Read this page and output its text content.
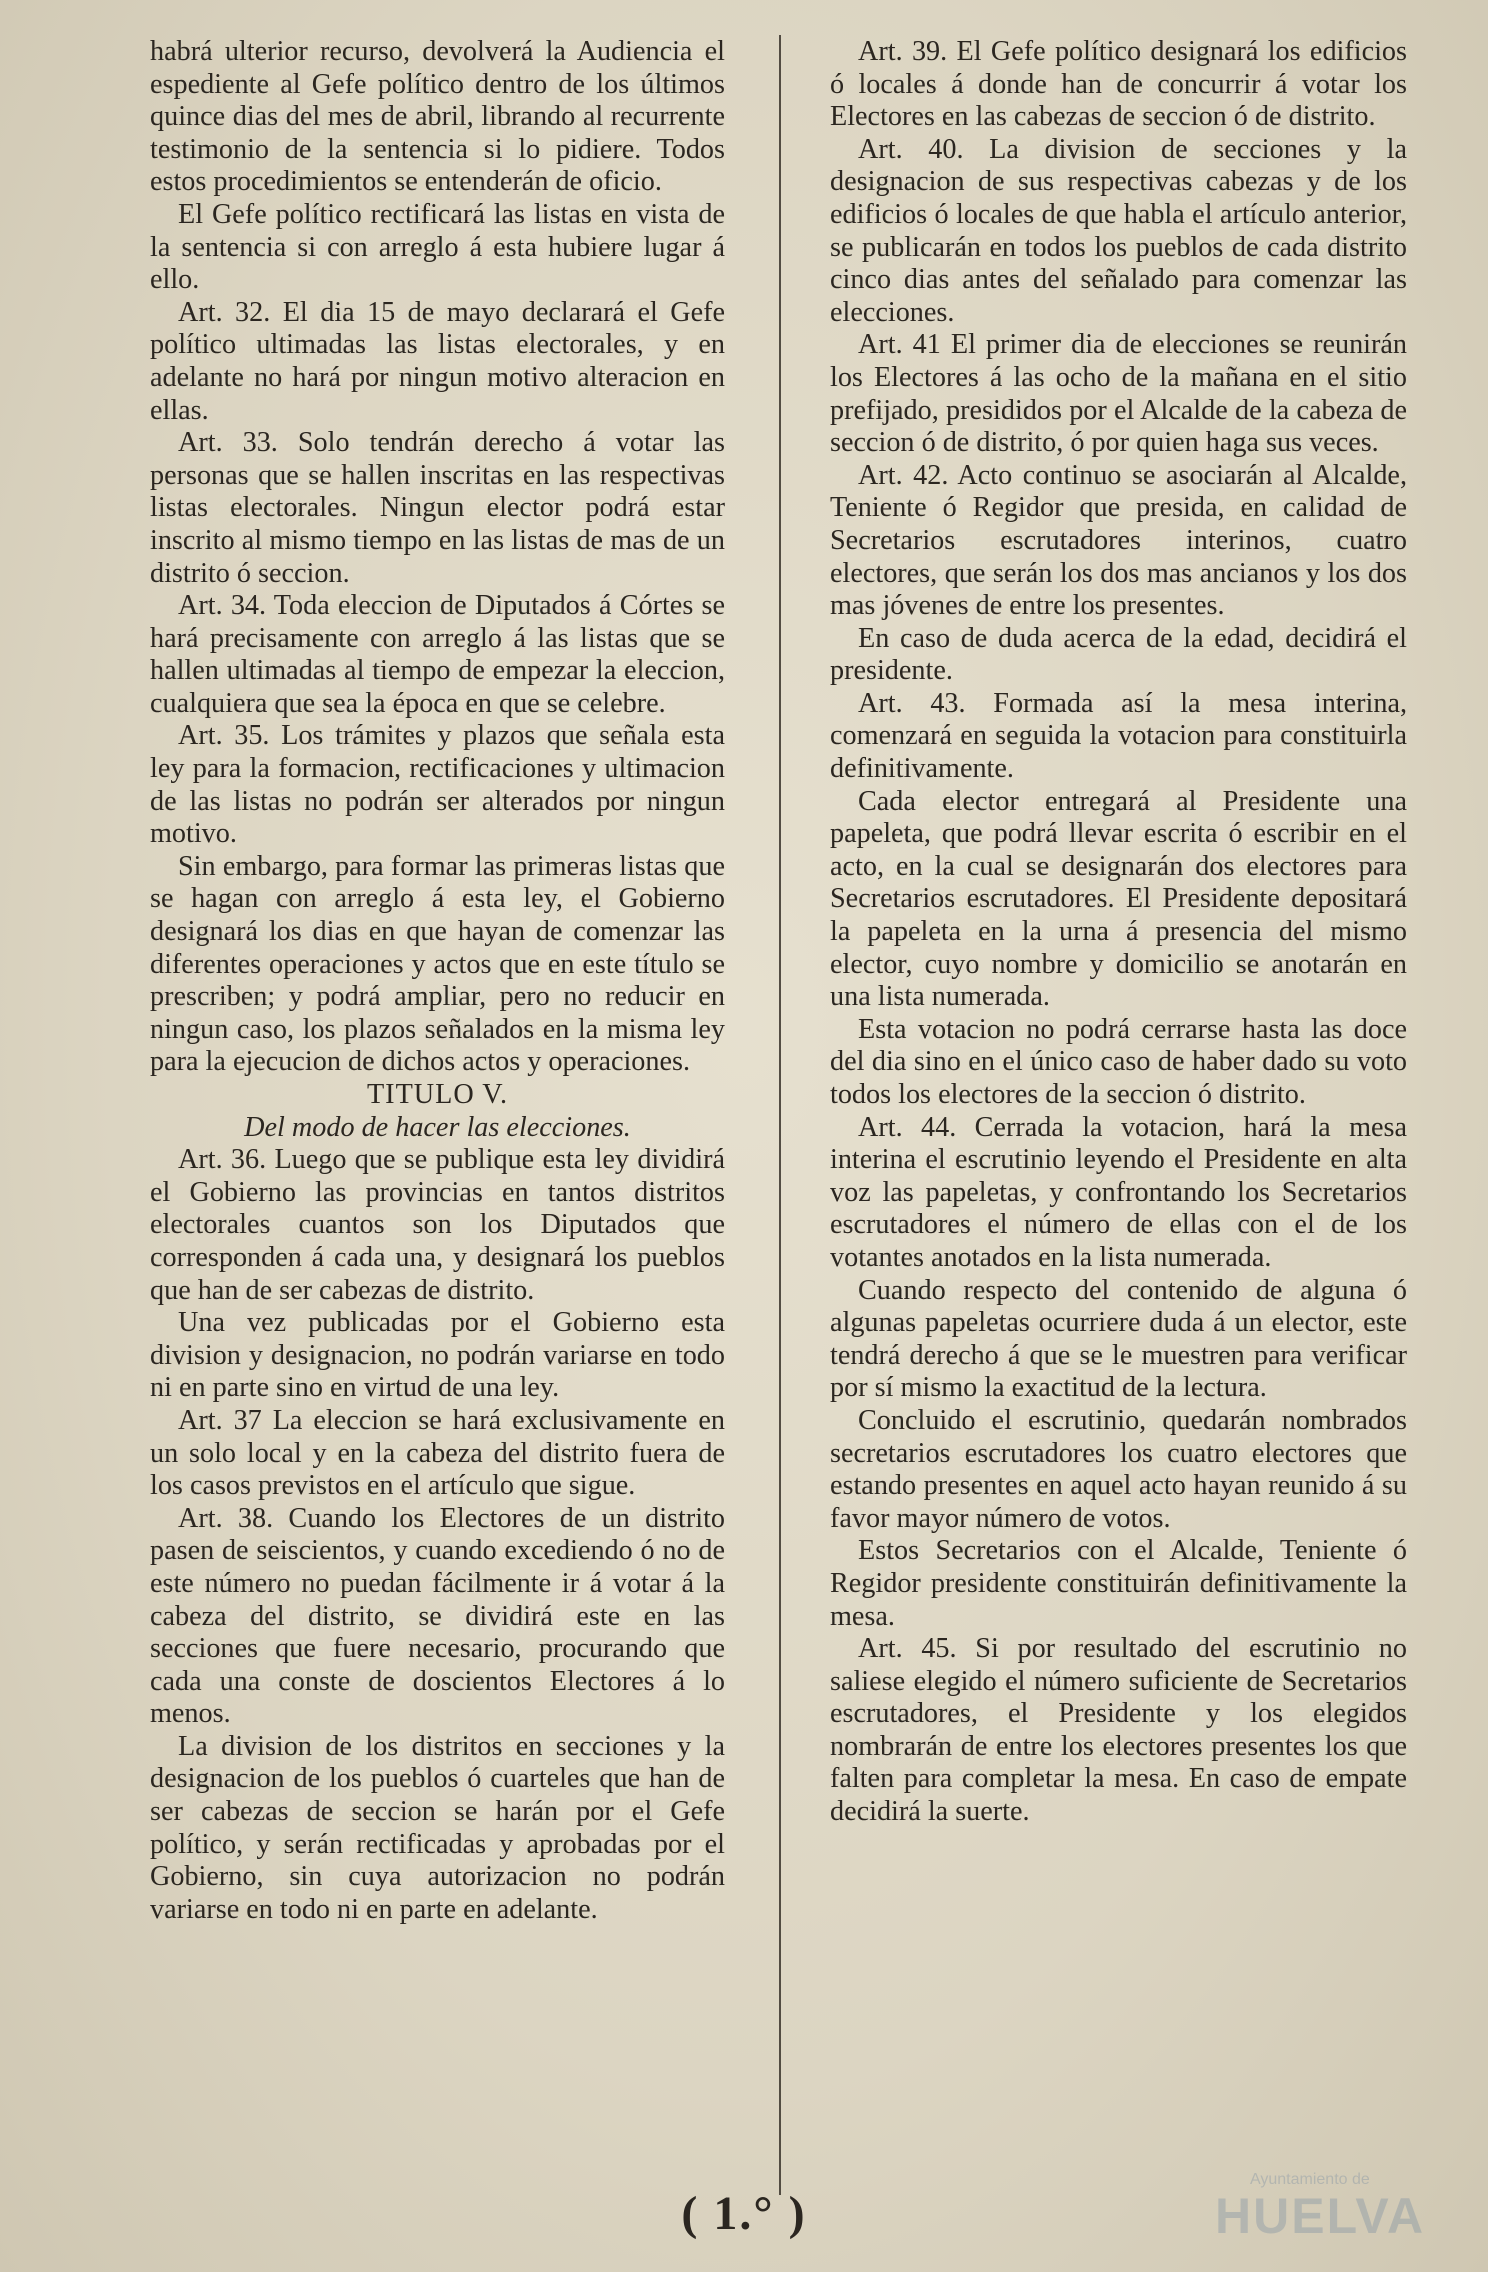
habrá ulterior recurso, devolverá la Audiencia el espediente al Gefe político dentro de los últimos quince dias del mes de abril, librando al recurrente testimonio de la sentencia si lo pidiere. Todos estos procedimientos se entenderán de oficio.

El Gefe político rectificará las listas en vista de la sentencia si con arreglo á esta hubiere lugar á ello.

Art. 32. El dia 15 de mayo declarará el Gefe político ultimadas las listas electorales, y en adelante no hará por ningun motivo alteracion en ellas.

Art. 33. Solo tendrán derecho á votar las personas que se hallen inscritas en las respectivas listas electorales. Ningun elector podrá estar inscrito al mismo tiempo en las listas de mas de un distrito ó seccion.

Art. 34. Toda eleccion de Diputados á Córtes se hará precisamente con arreglo á las listas que se hallen ultimadas al tiempo de empezar la eleccion, cualquiera que sea la época en que se celebre.

Art. 35. Los trámites y plazos que señala esta ley para la formacion, rectificaciones y ultimacion de las listas no podrán ser alterados por ningun motivo.

Sin embargo, para formar las primeras listas que se hagan con arreglo á esta ley, el Gobierno designará los dias en que hayan de comenzar las diferentes operaciones y actos que en este título se prescriben; y podrá ampliar, pero no reducir en ningun caso, los plazos señalados en la misma ley para la ejecucion de dichos actos y operaciones.

TITULO V.

Del modo de hacer las elecciones.

Art. 36. Luego que se publique esta ley dividirá el Gobierno las provincias en tantos distritos electorales cuantos son los Diputados que corresponden á cada una, y designará los pueblos que han de ser cabezas de distrito.

Una vez publicadas por el Gobierno esta division y designacion, no podrán variarse en todo ni en parte sino en virtud de una ley.

Art. 37 La eleccion se hará exclusivamente en un solo local y en la cabeza del distrito fuera de los casos previstos en el artículo que sigue.

Art. 38. Cuando los Electores de un distrito pasen de seiscientos, y cuando excediendo ó no de este número no puedan fácilmente ir á votar á la cabeza del distrito, se dividirá este en las secciones que fuere necesario, procurando que cada una conste de doscientos Electores á lo menos.

La division de los distritos en secciones y la designacion de los pueblos ó cuarteles que han de ser cabezas de seccion se harán por el Gefe político, y serán rectificadas y aprobadas por el Gobierno, sin cuya autorizacion no podrán variarse en todo ni en parte en adelante.

Art. 39. El Gefe político designará los edificios ó locales á donde han de concurrir á votar los Electores en las cabezas de seccion ó de distrito.

Art. 40. La division de secciones y la designacion de sus respectivas cabezas y de los edificios ó locales de que habla el artículo anterior, se publicarán en todos los pueblos de cada distrito cinco dias antes del señalado para comenzar las elecciones.

Art. 41 El primer dia de elecciones se reunirán los Electores á las ocho de la mañana en el sitio prefijado, presididos por el Alcalde de la cabeza de seccion ó de distrito, ó por quien haga sus veces.

Art. 42. Acto continuo se asociarán al Alcalde, Teniente ó Regidor que presida, en calidad de Secretarios escrutadores interinos, cuatro electores, que serán los dos mas ancianos y los dos mas jóvenes de entre los presentes.

En caso de duda acerca de la edad, decidirá el presidente.

Art. 43. Formada así la mesa interina, comenzará en seguida la votacion para constituirla definitivamente.

Cada elector entregará al Presidente una papeleta, que podrá llevar escrita ó escribir en el acto, en la cual se designarán dos electores para Secretarios escrutadores. El Presidente depositará la papeleta en la urna á presencia del mismo elector, cuyo nombre y domicilio se anotarán en una lista numerada.

Esta votacion no podrá cerrarse hasta las doce del dia sino en el único caso de haber dado su voto todos los electores de la seccion ó distrito.

Art. 44. Cerrada la votacion, hará la mesa interina el escrutinio leyendo el Presidente en alta voz las papeletas, y confrontando los Secretarios escrutadores el número de ellas con el de los votantes anotados en la lista numerada.

Cuando respecto del contenido de alguna ó algunas papeletas ocurriere duda á un elector, este tendrá derecho á que se le muestren para verificar por sí mismo la exactitud de la lectura.

Concluido el escrutinio, quedarán nombrados secretarios escrutadores los cuatro electores que estando presentes en aquel acto hayan reunido á su favor mayor número de votos.

Estos Secretarios con el Alcalde, Teniente ó Regidor presidente constituirán definitivamente la mesa.

Art. 45. Si por resultado del escrutinio no saliese elegido el número suficiente de Secretarios escrutadores, el Presidente y los elegidos nombrarán de entre los electores presentes los que falten para completar la mesa. En caso de empate decidirá la suerte.

( 1.° )
Ayuntamiento de
HUELVA
